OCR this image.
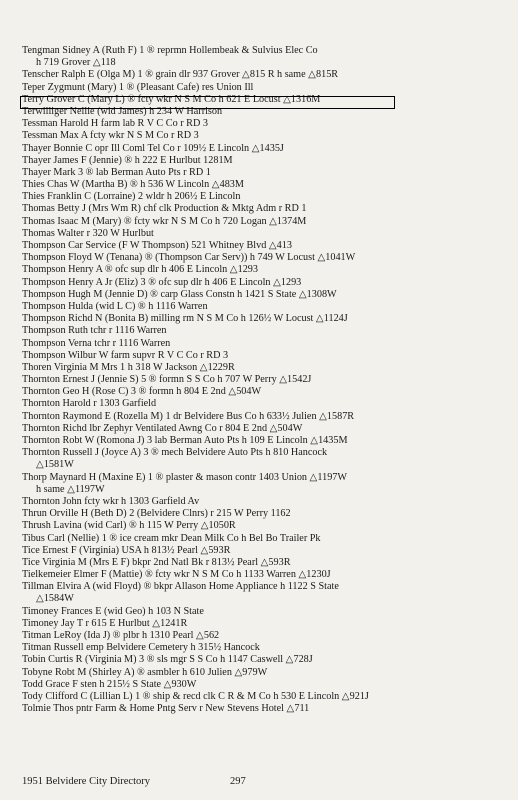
Tengman Sidney A (Ruth F) 1 ® reprmn Hollembeak & Sulvius Elec Co
h 719 Grover △118
Tenscher Ralph E (Olga M) 1 ® grain dlr 937 Grover △815 R h same △815R
Teper Zygmunt (Mary) 1 ® (Pleasant Cafe) res Union Ill
Terry Grover C (Mary L) ® fcty wkr N S M Co h 621 E Locust △1316M
Terwilliger Nellie (wid James) h 234 W Harrison
Tessman Harold H farm lab R V C Co r RD 3
Tessman Max A fcty wkr N S M Co r RD 3
Thayer Bonnie C opr Ill Coml Tel Co r 109½ E Lincoln △1435J
Thayer James F (Jennie) ® h 222 E Hurlbut 1281M
Thayer Mark 3 ® lab Berman Auto Pts r RD 1
Thies Chas W (Martha B) ® h 536 W Lincoln △483M
Thies Franklin C (Lorraine) 2 wldr h 206½ E Lincoln
Thomas Betty J (Mrs Wm R) chf clk Production & Mktg Adm r RD 1
Thomas Isaac M (Mary) ® fcty wkr N S M Co h 720 Logan △1374M
Thomas Walter r 320 W Hurlbut
Thompson Car Service (F W Thompson) 521 Whitney Blvd △413
Thompson Floyd W (Tenana) ® (Thompson Car Serv)) h 749 W Locust △1041W
Thompson Henry A ® ofc sup dlr h 406 E Lincoln △1293
Thompson Henry A Jr (Eliz) 3 ® ofc sup dlr h 406 E Lincoln △1293
Thompson Hugh M (Jennie D) ® carp Glass Constn h 1421 S State △1308W
Thompson Hulda (wid L C) ® h 1116 Warren
Thompson Richd N (Bonita B) milling rm N S M Co h 126½ W Locust △1124J
Thompson Ruth tchr r 1116 Warren
Thompson Verna tchr r 1116 Warren
Thompson Wilbur W farm supvr R V C Co r RD 3
Thoren Virginia M Mrs 1 h 318 W Jackson △1229R
Thornton Ernest J (Jennie S) 5 ® formn S S Co h 707 W Perry △1542J
Thornton Geo H (Rose C) 3 ® formn h 804 E 2nd △504W
Thornton Harold r 1303 Garfield
Thornton Raymond E (Rozella M) 1 dr Belvidere Bus Co h 633½ Julien △1587R
Thornton Richd lbr Zephyr Ventilated Awng Co r 804 E 2nd △504W
Thornton Robt W (Romona J) 3 lab Berman Auto Pts h 109 E Lincoln △1435M
Thornton Russell J (Joyce A) 3 ® mech Belvidere Auto Pts h 810 Hancock
△1581W
Thorp Maynard H (Maxine E) 1 ® plaster & mason contr 1403 Union △1197W
h same △1197W
Thornton John fcty wkr h 1303 Garfield Av
Thrun Orville H (Beth D) 2 (Belvidere Clnrs) r 215 W Perry 1162
Thrush Lavina (wid Carl) ® h 115 W Perry △1050R
Tibus Carl (Nellie) 1 ® ice cream mkr Dean Milk Co h Bel Bo Trailer Pk
Tice Ernest F (Virginia) USA h 813½ Pearl △593R
Tice Virginia M (Mrs E F) bkpr 2nd Natl Bk r 813½ Pearl △593R
Tielkemeier Elmer F (Mattie) ® fcty wkr N S M Co h 1133 Warren △1230J
Tillman Elvira A (wid Floyd) ® bkpr Allason Home Appliance h 1122 S State
△1584W
Timoney Frances E (wid Geo) h 103 N State
Timoney Jay T r 615 E Hurlbut △1241R
Titman LeRoy (Ida J) ® plbr h 1310 Pearl △562
Titman Russell emp Belvidere Cemetery h 315½ Hancock
Tobin Curtis R (Virginia M) 3 ® sls mgr S S Co h 1147 Caswell △728J
Tobyne Robt M (Shirley A) ® asmbler h 610 Julien △979W
Todd Grace F sten h 215½ S State △930W
Tody Clifford C (Lillian L) 1 ® ship & recd clk C R & M Co h 530 E Lincoln △921J
Tolmie Thos pntr Farm & Home Pntg Serv r New Stevens Hotel △711
1951 Belvidere City Directory	297
